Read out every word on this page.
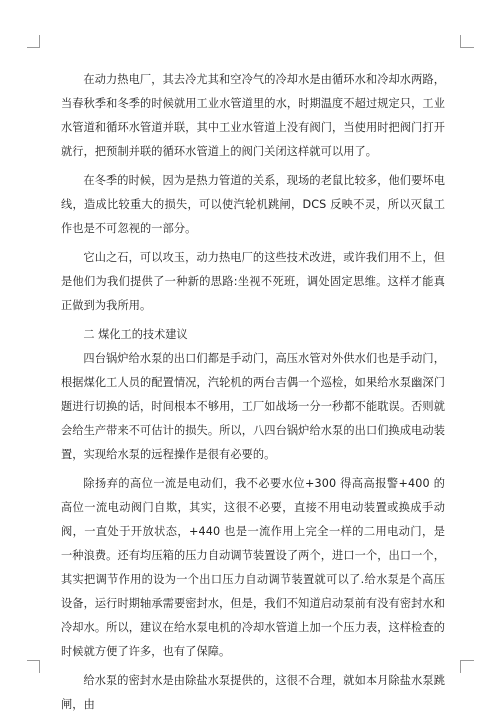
在动力热电厂，其去冷尤其和空冷气的冷却水是由循环水和冷却水两路，当春秋季和冬季的时候就用工业水管道里的水，时期温度不超过规定只，工业水管道和循环水管道并联，其中工业水管道上没有阀门，当使用时把阀门打开就行，把预制并联的循环水管道上的阀门关闭这样就可以用了。

在冬季的时候，因为是热力管道的关系，现场的老鼠比较多，他们要坏电线，造成比较重大的损失，可以使汽轮机跳闸，DCS 反映不灵，所以灭鼠工作也是不可忽视的一部分。

它山之石，可以攻玉，动力热电厂的这些技术改进，或许我们用不上，但是他们为我们提供了一种新的思路:坐视不死班，调处固定思维。这样才能真正做到为我所用。

二 煤化工的技术建议

四台锅炉给水泵的出口们都是手动门，高压水管对外供水们也是手动门，根据煤化工人员的配置情况，汽轮机的两台吉偶一个巡检，如果给水泵幽深门题进行切换的话，时间根本不够用，工厂如战场一分一秒都不能耽误。否则就会给生产带来不可估计的损失。所以，八四台锅炉给水泵的出口们换成电动装置，实现给水泵的远程操作是很有必要的。

除扬弃的高位一流是电动们，我不必要水位+300 得高高报警+400 的高位一流电动阀门自欺，其实，这很不必要，直接不用电动装置或换成手动阀，一直处于开放状态，+440 也是一流作用上完全一样的二用电动门，是一种浪费。还有均压箱的压力自动调节装置设了两个，进口一个，出口一个，其实把调节作用的设为一个出口压力自动调节装置就可以了.给水泵是个高压设备，运行时期轴承需要密封水，但是，我们不知道启动泵前有没有密封水和冷却水。所以，建议在给水泵电机的冷却水管道上加一个压力表，这样检查的时候就方便了许多，也有了保障。

给水泵的密封水是由除盐水泵提供的，这很不合理，就如本月除盐水泵跳闸，由
